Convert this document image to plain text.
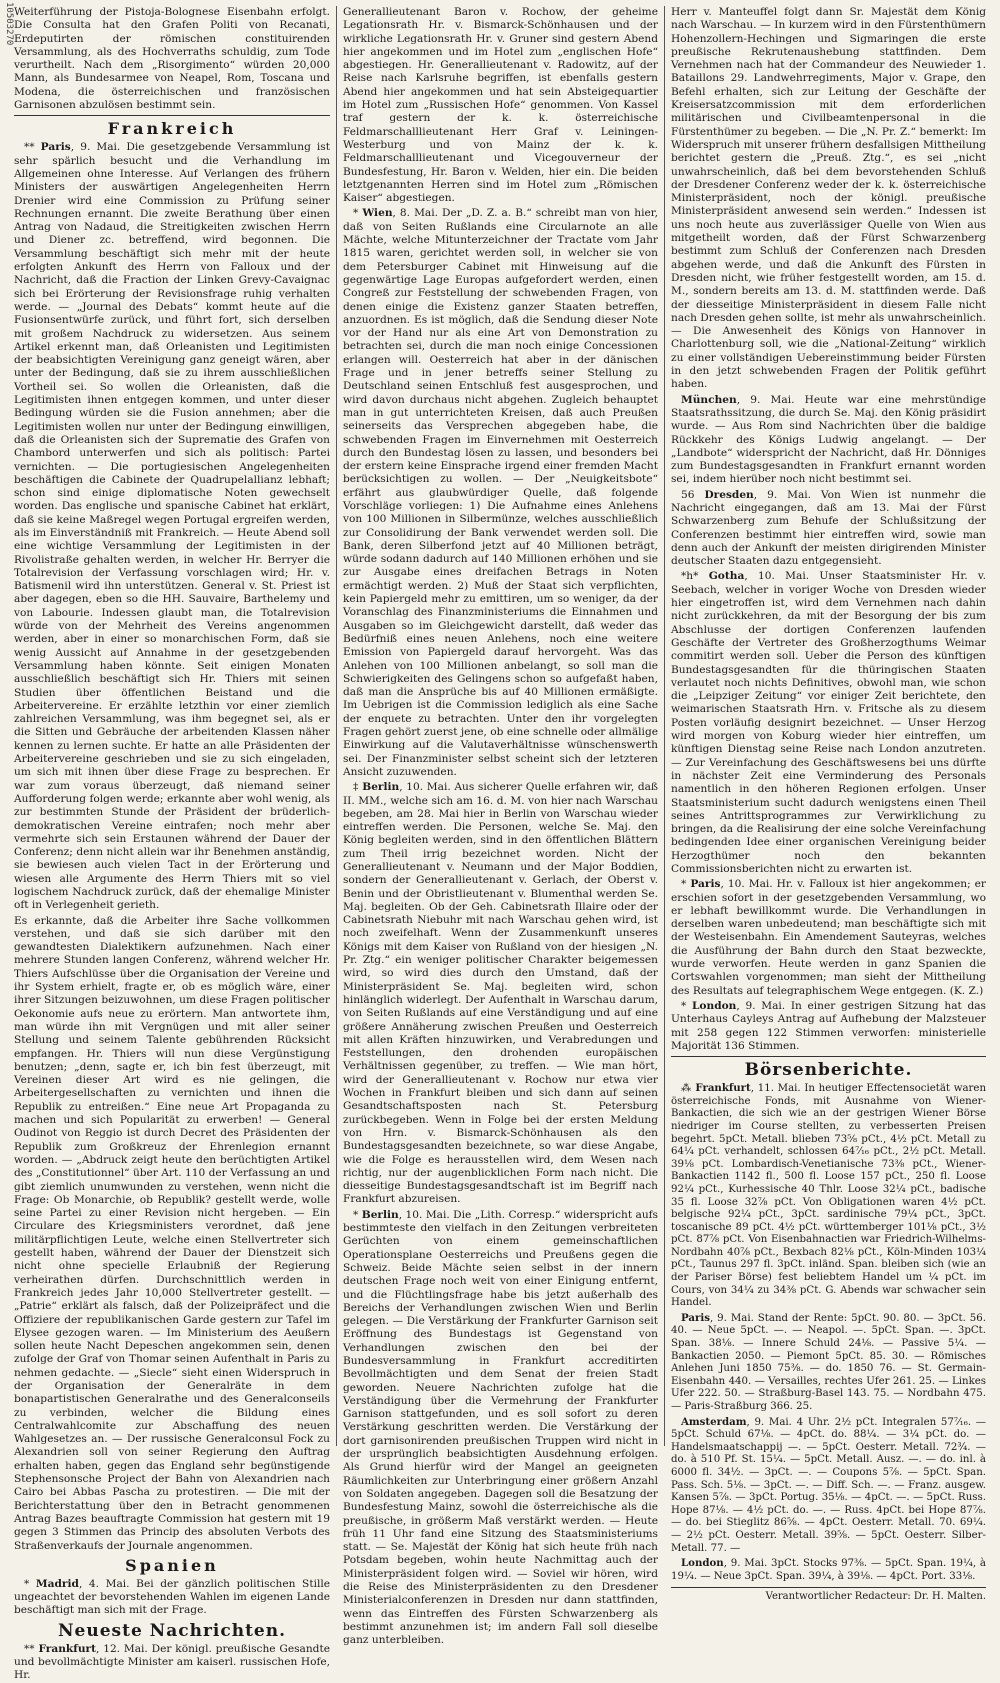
10503270 Weiterführung der Pistoja-Bolognese Eisenbahn erfolgt. Die Consulta hat den Grafen Politi von Recanati, Erdeputirten der römischen constituirenden Versammlung, als des Hochverraths schuldig, zum Tode verurtheilt. Nach dem „Risorgimento“ würden 20,000 Mann, als Bundesarmee von Neapel, Rom, Toscana und Modena, die österreichischen und französischen Garnisonen abzulösen bestimmt sein.

Frankreich

** Paris, 9. Mai. Die gesetzgebende Versammlung ist sehr spärlich besucht und die Verhandlung im Allgemeinen ohne Interesse. Auf Verlangen des frühern Ministers der auswärtigen Angelegenheiten Herrn Drenier wird eine Commission zu Prüfung seiner Rechnungen ernannt. Die zweite Berathung über einen Antrag von Nadaud, die Streitigkeiten zwischen Herrn und Diener zc. betreffend, wird begonnen. Die Versammlung beschäftigt sich mehr mit der heute erfolgten Ankunft des Herrn von Falloux und der Nachricht, daß die Fraction der Linken Grevy-Cavaignac sich bei Erörterung der Revisionsfrage ruhig verhalten werde. — „Journal des Debats“ kommt heute auf die Fusionsentwürfe zurück, und führt fort, sich derselben mit großem Nachdruck zu widersetzen. Aus seinem Artikel erkennt man, daß Orleanisten und Legitimisten der beabsichtigten Vereinigung ganz geneigt wären, aber unter der Bedingung, daß sie zu ihrem ausschließlichen Vortheil sei. So wollen die Orleanisten, daß die Legitimisten ihnen entgegen kommen, und unter dieser Bedingung würden sie die Fusion annehmen; aber die Legitimisten wollen nur unter der Bedingung einwilligen, daß die Orleanisten sich der Suprematie des Grafen von Chambord unterwerfen und sich als politisch: Partei vernichten. — Die portugiesischen Angelegenheiten beschäftigen die Cabinete der Quadrupelallianz lebhaft; schon sind einige diplomatische Noten gewechselt worden. Das englische und spanische Cabinet hat erklärt, daß sie keine Maßregel wegen Portugal ergreifen werden, als im Einverständniß mit Frankreich. — Heute Abend soll eine wichtige Versammlung der Legitimisten in der Rivolistraße gehalten werden, in welcher Hr. Berryer die Totalrevision der Verfassung vorschlagen wird; Hr. v. Batismenil wird ihn unterstützen. General v. St. Priest ist aber dagegen, eben so die HH. Sauvaire, Barthelemy und von Labourie. Indessen glaubt man, die Totalrevision würde von der Mehrheit des Vereins angenommen werden, aber in einer so monarchischen Form, daß sie wenig Aussicht auf Annahme in der gesetzgebenden Versammlung haben könnte. Seit einigen Monaten ausschließlich beschäftigt sich Hr. Thiers mit seinen Studien über öffentlichen Beistand und die Arbeitervereine. Er erzählte letzthin vor einer ziemlich zahlreichen Versammlung, was ihm begegnet sei, als er die Sitten und Gebräuche der arbeitenden Klassen näher kennen zu lernen suchte. Er hatte an alle Präsidenten der Arbeitervereine geschrieben und sie zu sich eingeladen, um sich mit ihnen über diese Frage zu besprechen. Er war zum voraus überzeugt, daß niemand seiner Aufforderung folgen werde; erkannte aber wohl wenig, als zur bestimmten Stunde der Präsident der brüderlich-demokratischen Vereine eintrafen; noch mehr aber vermehrte sich sein Erstaunen während der Dauer der Conferenz; denn nicht allein war ihr Benehmen anständig, sie bewiesen auch vielen Tact in der Erörterung und wiesen alle Argumente des Herrn Thiers mit so viel logischem Nachdruck zurück, daß der ehemalige Minister oft in Verlegenheit gerieth.

Es erkannte, daß die Arbeiter ihre Sache vollkommen verstehen, und daß sie sich darüber mit den gewandtesten Dialektikern aufzunehmen. Nach einer mehrere Stunden langen Conferenz, während welcher Hr. Thiers Aufschlüsse über die Organisation der Vereine und ihr System erhielt, fragte er, ob es möglich wäre, einer ihrer Sitzungen beizuwohnen, um diese Fragen politischer Oekonomie aufs neue zu erörtern. Man antwortete ihm, man würde ihn mit Vergnügen und mit aller seiner Stellung und seinem Talente gebührenden Rücksicht empfangen. Hr. Thiers will nun diese Vergünstigung benutzen; „denn, sagte er, ich bin fest überzeugt, mit Vereinen dieser Art wird es nie gelingen, die Arbeitergesellschaften zu vernichten und ihnen die Republik zu entreißen.“ Eine neue Art Propaganda zu machen und sich Popularität zu erwerben! — General Oudinot von Reggio ist durch Decret des Präsidenten der Republik zum Großkreuz der Ehrenlegion ernannt worden. — „Abdruck zeigt heute den berüchtigten Artikel des „Constitutionnel“ über Art. 110 der Verfassung an und gibt ziemlich unumwunden zu verstehen, wenn nicht die Frage: Ob Monarchie, ob Republik? gestellt werde, wolle seine Partei zu einer Revision nicht hergeben. — Ein Circulare des Kriegsministers verordnet, daß jene militärpflichtigen Leute, welche einen Stellvertreter sich gestellt haben, während der Dauer der Dienstzeit sich nicht ohne specielle Erlaubniß der Regierung verheirathen dürfen. Durchschnittlich werden in Frankreich jedes Jahr 10,000 Stellvertreter gestellt. — „Patrie“ erklärt als falsch, daß der Polizeipräfect und die Offiziere der republikanischen Garde gestern zur Tafel im Elysee gezogen waren. — Im Ministerium des Aeußern sollen heute Nacht Depeschen angekommen sein, denen zufolge der Graf von Thomar seinen Aufenthalt in Paris zu nehmen gedachte. — „Siecle“ sieht einen Widerspruch in der Organisation der Generalräte in dem bonapartistischen Generalrathe und des Generalconseils zu verbinden, welcher die Bildung eines Centralwahlcomite zur Abschaffung des neuen Wahlgesetzes an. — Der russische Generalconsul Fock zu Alexandrien soll von seiner Regierung den Auftrag erhalten haben, gegen das England sehr begünstigende Stephensonsche Project der Bahn von Alexandrien nach Cairo bei Abbas Pascha zu protestiren. — Die mit der Berichterstattung über den in Betracht genommenen Antrag Bazes beauftragte Commission hat gestern mit 19 gegen 3 Stimmen das Princip des absoluten Verbots des Straßenverkaufs der Journale angenommen.

Spanien

* Madrid, 4. Mai. Bei der gänzlich politischen Stille ungeachtet der bevorstehenden Wahlen im eigenen Lande beschäftigt man sich mit der Frage.

Neueste Nachrichten.

** Frankfurt, 12. Mai. Der königl. preußische Gesandte und bevollmächtigte Minister am kaiserl. russischen Hofe, Hr.

Generallieutenant Baron v. Rochow, der geheime Legationsrath Hr. v. Bismarck-Schönhausen und der wirkliche Legationsrath Hr. v. Gruner sind gestern Abend hier angekommen und im Hotel zum „englischen Hofe“ abgestiegen. Hr. Generallieutenant v. Radowitz, auf der Reise nach Karlsruhe begriffen, ist ebenfalls gestern Abend hier angekommen und hat sein Absteigequartier im Hotel zum „Russischen Hofe“ genommen. Von Kassel traf gestern der k. k. österreichische Feldmarschalllieutenant Herr Graf v. Leiningen-Westerburg und von Mainz der k. k. Feldmarschalllieutenant und Vicegouverneur der Bundesfestung, Hr. Baron v. Welden, hier ein. Die beiden letztgenannten Herren sind im Hotel zum „Römischen Kaiser“ abgestiegen.

* Wien, 8. Mai. Der „D. Z. a. B.“ schreibt man von hier, daß von Seiten Rußlands eine Circularnote an alle Mächte, welche Mitunterzeichner der Tractate vom Jahr 1815 waren, gerichtet werden soll, in welcher sie von dem Petersburger Cabinet mit Hinweisung auf die gegenwärtige Lage Europas aufgefordert werden, einen Congreß zur Feststellung der schwebenden Fragen, von denen einige die Existenz ganzer Staaten betreffen, anzuordnen. Es ist möglich, daß die Sendung dieser Note vor der Hand nur als eine Art von Demonstration zu betrachten sei, durch die man noch einige Concessionen erlangen will. Oesterreich hat aber in der dänischen Frage und in jener betreffs seiner Stellung zu Deutschland seinen Entschluß fest ausgesprochen, und wird davon durchaus nicht abgehen. Zugleich behauptet man in gut unterrichteten Kreisen, daß auch Preußen seinerseits das Versprechen abgegeben habe, die schwebenden Fragen im Einvernehmen mit Oesterreich durch den Bundestag lösen zu lassen, und besonders bei der erstern keine Einsprache irgend einer fremden Macht berücksichtigen zu wollen. — Der „Neuigkeitsbote“ erfährt aus glaubwürdiger Quelle, daß folgende Vorschläge vorliegen: 1) Die Aufnahme eines Anlehens von 100 Millionen in Silbermünze, welches ausschließlich zur Consolidirung der Bank verwendet werden soll. Die Bank, deren Silberfond jetzt auf 40 Millionen beträgt, würde sodann dadurch auf 140 Millionen erhöhen und sie zur Ausgabe eines dreifachen Betrags in Noten ermächtigt werden. 2) Muß der Staat sich verpflichten, kein Papiergeld mehr zu emittiren, um so weniger, da der Voranschlag des Finanzministeriums die Einnahmen und Ausgaben so im Gleichgewicht darstellt, daß weder das Bedürfniß eines neuen Anlehens, noch eine weitere Emission von Papiergeld darauf hervorgeht. Was das Anlehen von 100 Millionen anbelangt, so soll man die Schwierigkeiten des Gelingens schon so aufgefaßt haben, daß man die Ansprüche bis auf 40 Millionen ermäßigte. Im Uebrigen ist die Commission lediglich als eine Sache der enquete zu betrachten. Unter den ihr vorgelegten Fragen gehört zuerst jene, ob eine schnelle oder allmälige Einwirkung auf die Valutaverhältnisse wünschenswerth sei. Der Finanzminister selbst scheint sich der letzteren Ansicht zuzuwenden.

‡ Berlin, 10. Mai. Aus sicherer Quelle erfahren wir, daß II. MM., welche sich am 16. d. M. von hier nach Warschau begeben, am 28. Mai hier in Berlin von Warschau wieder eintreffen werden. Die Personen, welche Se. Maj. den König begleiten werden, sind in den öffentlichen Blättern zum Theil irrig bezeichnet worden. Nicht der Generallieutenant v. Neumann und der Major Boddien, sondern der Generallieutenant v. Gerlach, der Oberst v. Benin und der Obristlieutenant v. Blumenthal werden Se. Maj. begleiten. Ob der Geh. Cabinetsrath Illaire oder der Cabinetsrath Niebuhr mit nach Warschau gehen wird, ist noch zweifelhaft. Wenn der Zusammenkunft unseres Königs mit dem Kaiser von Rußland von der hiesigen „N. Pr. Ztg.“ ein weniger politischer Charakter beigemessen wird, so wird dies durch den Umstand, daß der Ministerpräsident Se. Maj. begleiten wird, schon hinlänglich widerlegt. Der Aufenthalt in Warschau darum, von Seiten Rußlands auf eine Verständigung und auf eine größere Annäherung zwischen Preußen und Oesterreich mit allen Kräften hinzuwirken, und Verabredungen und Feststellungen, den drohenden europäischen Verhältnissen gegenüber, zu treffen. — Wie man hört, wird der Generallieutenant v. Rochow nur etwa vier Wochen in Frankfurt bleiben und sich dann auf seinen Gesandtschaftsposten nach St. Petersburg zurückbegeben. Wenn in Folge bei der ersten Meldung von Hrn. v. Bismarck-Schönhausen als den Bundestagsgesandten bezeichnete, so war diese Angabe, wie die Folge es herausstellen wird, dem Wesen nach richtig, nur der augenblicklichen Form nach nicht. Die diesseitige Bundestagsgesandtschaft ist im Begriff nach Frankfurt abzureisen.

* Berlin, 10. Mai. Die „Lith. Corresp.“ widerspricht aufs bestimmteste den vielfach in den Zeitungen verbreiteten Gerüchten von einem gemeinschaftlichen Operationsplane Oesterreichs und Preußens gegen die Schweiz. Beide Mächte seien selbst in der innern deutschen Frage noch weit von einer Einigung entfernt, und die Flüchtlingsfrage habe bis jetzt außerhalb des Bereichs der Verhandlungen zwischen Wien und Berlin gelegen. — Die Verstärkung der Frankfurter Garnison seit Eröffnung des Bundestags ist Gegenstand von Verhandlungen zwischen den bei der Bundesversammlung in Frankfurt accreditirten Bevollmächtigten und dem Senat der freien Stadt geworden. Neuere Nachrichten zufolge hat die Verständigung über die Vermehrung der Frankfurter Garnison stattgefunden, und es soll sofort zu deren Verstärkung geschritten werden. Die Verstärkung der dort garnisonirenden preußischen Truppen wird nicht in der ursprünglich beabsichtigten Ausdehnung erfolgen. Als Grund hierfür wird der Mangel an geeigneten Räumlichkeiten zur Unterbringung einer größern Anzahl von Soldaten angegeben. Dagegen soll die Besatzung der Bundesfestung Mainz, sowohl die österreichische als die preußische, in größerm Maß verstärkt werden. — Heute früh 11 Uhr fand eine Sitzung des Staatsministeriums statt. — Se. Majestät der König hat sich heute früh nach Potsdam begeben, wohin heute Nachmittag auch der Ministerpräsident folgen wird. — Soviel wir hören, wird die Reise des Ministerpräsidenten zu den Dresdener Ministerialconferenzen in Dresden nur dann stattfinden, wenn das Eintreffen des Fürsten Schwarzenberg als bestimmt anzunehmen ist; im andern Fall soll dieselbe ganz unterbleiben.

Herr v. Manteuffel folgt dann Sr. Majestät dem König nach Warschau. — In kurzem wird in den Fürstenthümern Hohenzollern-Hechingen und Sigmaringen die erste preußische Rekrutenaushebung stattfinden. Dem Vernehmen nach hat der Commandeur des Neuwieder 1. Bataillons 29. Landwehrregiments, Major v. Grape, den Befehl erhalten, sich zur Leitung der Geschäfte der Kreisersatzcommission mit dem erforderlichen militärischen und Civilbeamtenpersonal in die Fürstenthümer zu begeben. — Die „N. Pr. Z.“ bemerkt: Im Widerspruch mit unserer frühern desfallsigen Mittheilung berichtet gestern die „Preuß. Ztg.“, es sei „nicht unwahrscheinlich, daß bei dem bevorstehenden Schluß der Dresdener Conferenz weder der k. k. österreichische Ministerpräsident, noch der königl. preußische Ministerpräsident anwesend sein werden.“ Indessen ist uns noch heute aus zuverlässiger Quelle von Wien aus mitgetheilt worden, daß der Fürst Schwarzenberg bestimmt zum Schluß der Conferenzen nach Dresden abgehen werde, und daß die Ankunft des Fürsten in Dresden nicht, wie früher festgestellt worden, am 15. d. M., sondern bereits am 13. d. M. stattfinden werde. Daß der diesseitige Ministerpräsident in diesem Falle nicht nach Dresden gehen sollte, ist mehr als unwahrscheinlich. — Die Anwesenheit des Königs von Hannover in Charlottenburg soll, wie die „National-Zeitung“ wirklich zu einer vollständigen Uebereinstimmung beider Fürsten in den jetzt schwebenden Fragen der Politik geführt haben.

München, 9. Mai. Heute war eine mehrstündige Staatsrathssitzung, die durch Se. Maj. den König präsidirt wurde. — Aus Rom sind Nachrichten über die baldige Rückkehr des Königs Ludwig angelangt. — Der „Landbote“ widerspricht der Nachricht, daß Hr. Dönniges zum Bundestagsgesandten in Frankfurt ernannt worden sei, indem hierüber noch nicht bestimmt sei.

56 Dresden, 9. Mai. Von Wien ist nunmehr die Nachricht eingegangen, daß am 13. Mai der Fürst Schwarzenberg zum Behufe der Schlußsitzung der Conferenzen bestimmt hier eintreffen wird, sowie man denn auch der Ankunft der meisten dirigirenden Minister deutscher Staaten dazu entgegensieht.

*h* Gotha, 10. Mai. Unser Staatsminister Hr. v. Seebach, welcher in voriger Woche von Dresden wieder hier eingetroffen ist, wird dem Vernehmen nach dahin nicht zurückkehren, da mit der Besorgung der bis zum Abschlusse der dortigen Conferenzen laufenden Geschäfte der Vertreter des Großherzogthums Weimar commitirt werden soll. Ueber die Person des künftigen Bundestagsgesandten für die thüringischen Staaten verlautet noch nichts Definitives, obwohl man, wie schon die „Leipziger Zeitung“ vor einiger Zeit berichtete, den weimarischen Staatsrath Hrn. v. Fritsche als zu diesem Posten vorläufig designirt bezeichnet. — Unser Herzog wird morgen von Koburg wieder hier eintreffen, um künftigen Dienstag seine Reise nach London anzutreten. — Zur Vereinfachung des Geschäftswesens bei uns dürfte in nächster Zeit eine Verminderung des Personals namentlich in den höheren Regionen erfolgen. Unser Staatsministerium sucht dadurch wenigstens einen Theil seines Antrittsprogrammes zur Verwirklichung zu bringen, da die Realisirung der eine solche Vereinfachung bedingenden Idee einer organischen Vereinigung beider Herzogthümer noch den bekannten Commissionsberichten nicht zu erwarten ist.

* Paris, 10. Mai. Hr. v. Falloux ist hier angekommen; er erschien sofort in der gesetzgebenden Versammlung, wo er lebhaft bewillkommt wurde. Die Verhandlungen in derselben waren unbedeutend; man beschäftigte sich mit der Westeisenbahn. Ein Amendement Sauteyras, welches die Ausführung der Bahn durch den Staat bezweckte, wurde verworfen. Heute werden in ganz Spanien die Cortswahlen vorgenommen; man sieht der Mittheilung des Resultats auf telegraphischem Wege entgegen. (K. Z.)

* London, 9. Mai. In einer gestrigen Sitzung hat das Unterhaus Cayleys Antrag auf Aufhebung der Malzsteuer mit 258 gegen 122 Stimmen verworfen: ministerielle Majorität 136 Stimmen.

Börsenberichte.

⁂ Frankfurt, 11. Mai. In heutiger Effectensocietät waren österreichische Fonds, mit Ausnahme von Wiener-Bankactien, die sich wie an der gestrigen Wiener Börse niedriger im Course stellten, zu verbesserten Preisen begehrt. 5pCt. Metall. blieben 73⁵⁄₈ pCt., 4½ pCt. Metall zu 64¼ pCt. verhandelt, schlossen 64⁷⁄₁₆ pCt., 2½ pCt. Metall. 39⅛ pCt. Lombardisch-Venetianische 73⅜ pCt., Wiener-Bankactien 1142 fl., 500 fl. Loose 157 pCt., 250 fl. Loose 92¼ pCt., Kurhessische 40 Thlr. Loose 32¼ pCt., badische 35 fl. Loose 32⅞ pCt. Von Obligationen waren 4½ pCt. belgische 92¼ pCt., 3pCt. sardinische 79¼ pCt., 3pCt. toscanische 89 pCt. 4½ pCt. württemberger 101⅛ pCt., 3½ pCt. 87⅞ pCt. Von Eisenbahnactien war Friedrich-Wilhelms-Nordbahn 40⅞ pCt., Bexbach 82⅛ pCt., Köln-Minden 103¼ pCt., Taunus 297 fl. 3pCt. inländ. Span. bleiben sich (wie an der Pariser Börse) fest beliebtem Handel um ¼ pCt. im Cours, von 34¼ zu 34⅜ pCt. G. Abends war schwacher sein Handel.

Paris, 9. Mai. Stand der Rente: 5pCt. 90. 80. — 3pCt. 56. 40. — Neue 5pCt. —. — Neapol. —. 5pCt. Span. —. 3pCt. Span. 38⅛. — Innere Schuld 24⅛. — Passive 5¼. — Bankactien 2050. — Piemont 5pCt. 85. 30. — Römisches Anlehen Juni 1850 75⅜. — do. 1850 76. — St. Germain-Eisenbahn 440. — Versailles, rechtes Ufer 261. 25. — Linkes Ufer 222. 50. — Straßburg-Basel 143. 75. — Nordbahn 475. — Paris-Straßburg 366. 25.

Amsterdam, 9. Mai. 4 Uhr. 2½ pCt. Integralen 57⁷⁄₁₆. — 5pCt. Schuld 67⅛. — 4pCt. do. 88¼. — 3¼ pCt. do. — Handelsmaatschappij —. — 5pCt. Oesterr. Metall. 72¾. — do. à 510 Pf. St. 15¼. — 5pCt. Metall. Ausz. —. — do. inl. à 6000 fl. 34½. — 3pCt. —. — Coupons 5⅞. — 5pCt. Span. Pass. Sch. 5⅛. — 3pCt. —. — Diff. Sch. —. — Franz. ausgew. Kansen 5⅞. — 3pCt. Portug. 35⅛. — 4pCt. —. — 5pCt. Russ. Hope 87⅛. — 4½ pCt. do. —. — Russ. 4pCt. bei Hope 87⁷⁄₈. — do. bei Stieglitz 86⅝. — 4pCt. Oesterr. Metall. 70. 69¼. — 2½ pCt. Oesterr. Metall. 39⅝. — 5pCt. Oesterr. Silber-Metall. 77. —

London, 9. Mai. 3pCt. Stocks 97⅜. — 5pCt. Span. 19¼, à 19¼. — Neue 3pCt. Span. 39¼, à 39⅛. — 4pCt. Port. 33⅛.

Verantwortlicher Redacteur: Dr. H. Malten.
